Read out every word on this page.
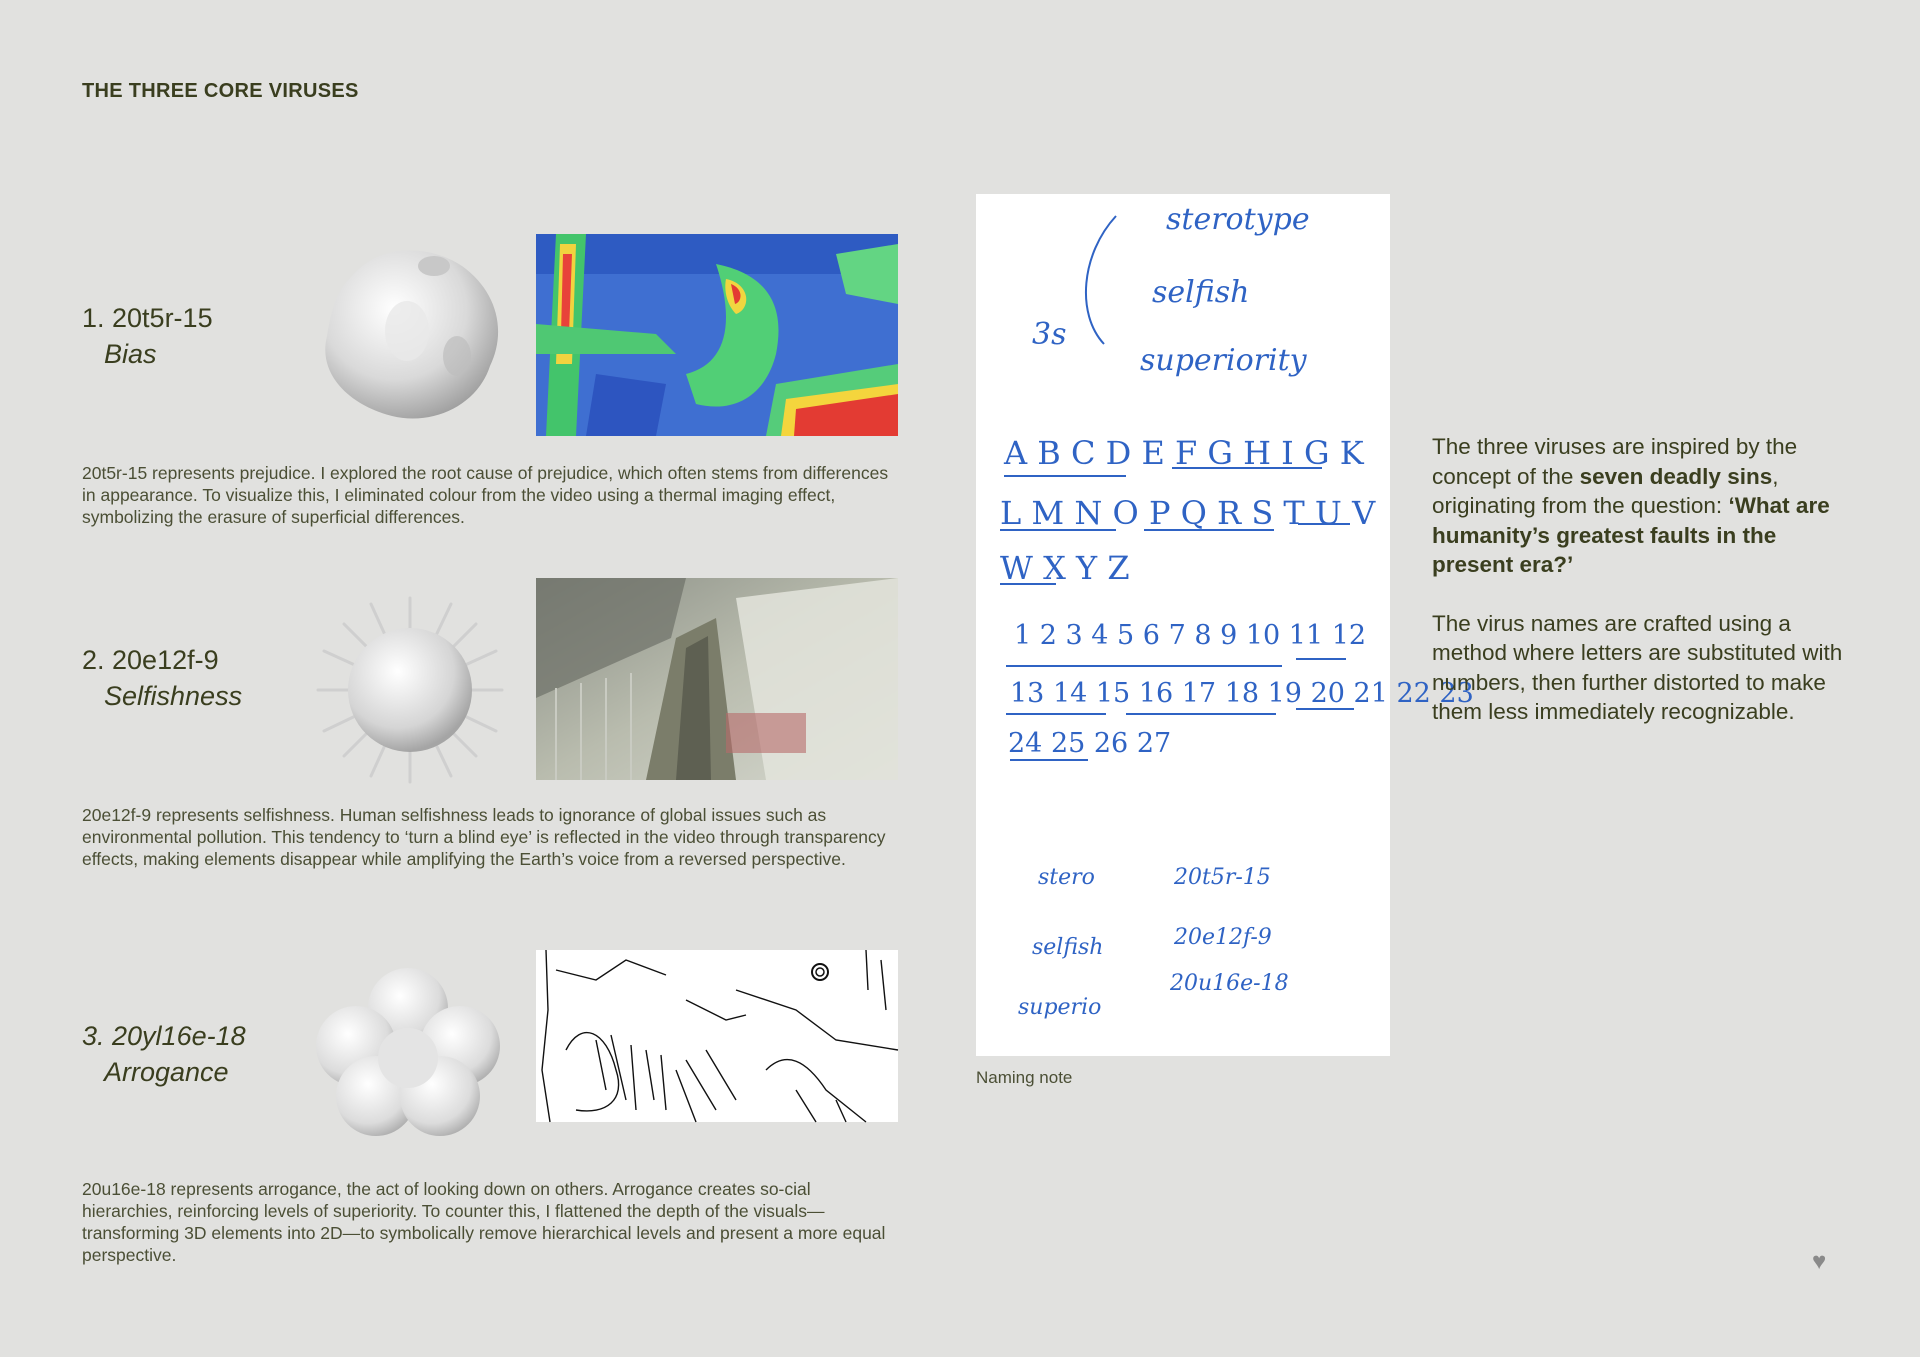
THE THREE CORE VIRUSES
1. 20t5r-15
Bias
20t5r-15 represents prejudice. I explored the root cause of prejudice, which often stems from differences in appearance. To visualize this, I eliminated colour from the video using a thermal imaging effect, symbolizing the erasure of superficial differences.
2. 20e12f-9
Selfishness
20e12f-9 represents selfishness. Human selfishness leads to ignorance of global issues such as environmental pollution. This tendency to ‘turn a blind eye’ is reflected in the video through transparency effects, making elements disappear while amplifying the Earth’s voice from a reversed perspective.
3. 20yl16e-18
Arrogance
20u16e-18 represents arrogance, the act of looking down on others. Arrogance creates so-cial hierarchies, reinforcing levels of superiority. To counter this, I flattened the depth of the visuals—transforming 3D elements into 2D—to symbolically remove hierarchical levels and present a more equal perspective.
3s
sterotype
selfish
superiority
A B C D E F G H I G K
L M N O P Q R S T U V
W X Y Z
1 2 3 4 5 6 7 8 9 10 11 12
13 14 15 16 17 18 19 20 21 22 23
24 25 26 27
stero	20t5r-15
selfish	20e12f-9
superio
20u16e-18
Naming note

The three viruses are inspired by the concept of the seven deadly sins, originating from the question: ‘What are humanity’s greatest faults in the present era?’

The virus names are crafted using a method where letters are substituted with numbers, then further distorted to make them less immediately recognizable.

♥
